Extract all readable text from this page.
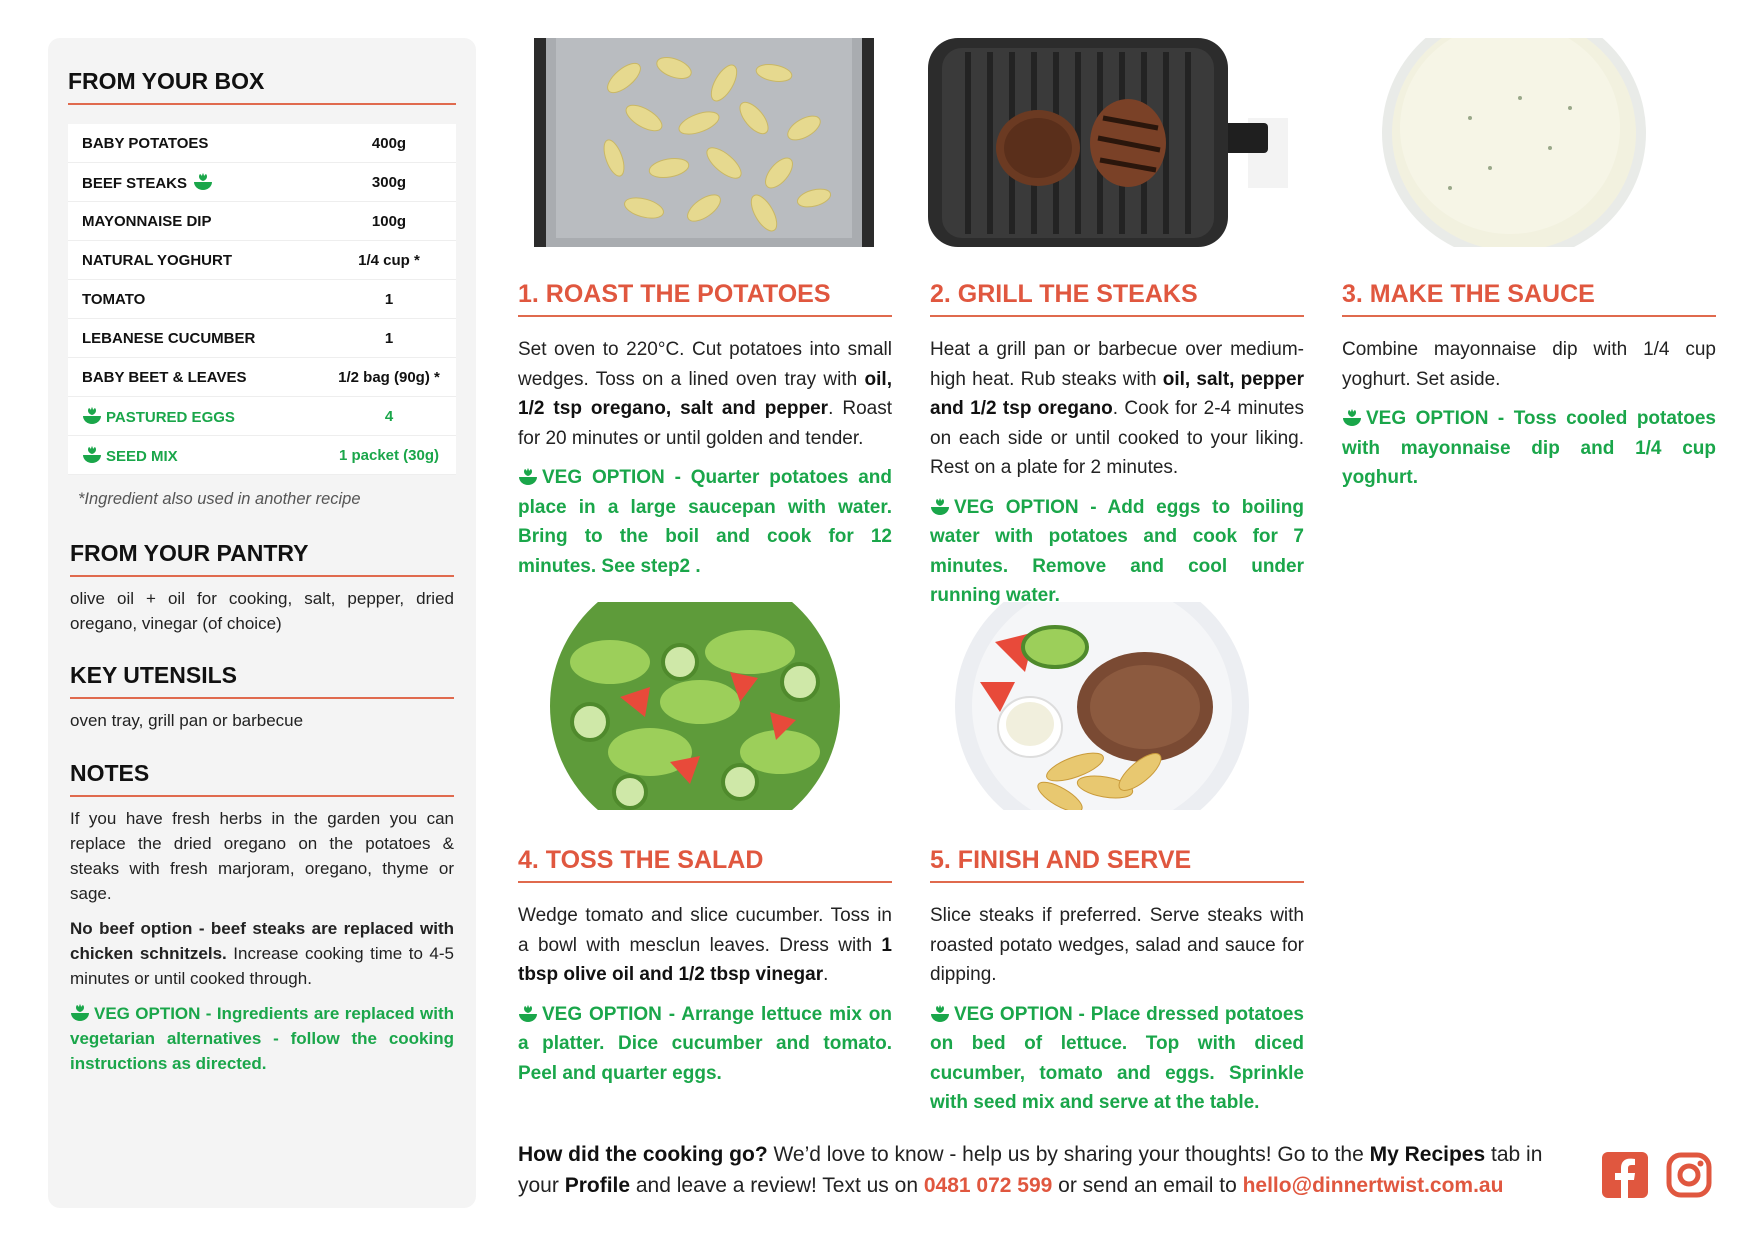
FROM YOUR BOX
BABY POTATOES	400g
BEEF STEAKS	300g
MAYONNAISE DIP	100g
NATURAL YOGHURT	1/4 cup *
TOMATO	1
LEBANESE CUCUMBER	1
BABY BEET & LEAVES	1/2 bag (90g) *
PASTURED EGGS	4
SEED MIX	1 packet (30g)
*Ingredient also used in another recipe
FROM YOUR PANTRY

olive oil + oil for cooking, salt, pepper, dried oregano, vinegar (of choice)

KEY UTENSILS

oven tray, grill pan or barbecue

NOTES

If you have fresh herbs in the garden you can replace the dried oregano on the potatoes & steaks with fresh marjoram, oregano, thyme or sage.

No beef option - beef steaks are replaced with chicken schnitzels. Increase cooking time to 4-5 minutes or until cooked through.

VEG OPTION - Ingredients are replaced with vegetarian alternatives - follow the cooking instructions as directed.

1. ROAST THE POTATOES

Set oven to 220°C. Cut potatoes into small wedges. Toss on a lined oven tray with oil, 1/2 tsp oregano, salt and pepper. Roast for 20 minutes or until golden and tender.

VEG OPTION - Quarter potatoes and place in a large saucepan with water. Bring to the boil and cook for 12 minutes. See step2 .

2. GRILL THE STEAKS

Heat a grill pan or barbecue over medium-high heat. Rub steaks with oil, salt, pepper and 1/2 tsp oregano. Cook for 2-4 minutes on each side or until cooked to your liking. Rest on a plate for 2 minutes.

VEG OPTION - Add eggs to boiling water with potatoes and cook for 7 minutes. Remove and cool under running water.

3. MAKE THE SAUCE

Combine mayonnaise dip with 1/4 cup yoghurt. Set aside.

VEG OPTION - Toss cooled potatoes with mayonnaise dip and 1/4 cup yoghurt.

4. TOSS THE SALAD

Wedge tomato and slice cucumber. Toss in a bowl with mesclun leaves. Dress with 1 tbsp olive oil and 1/2 tbsp vinegar.

VEG OPTION - Arrange lettuce mix on a platter. Dice cucumber and tomato. Peel and quarter eggs.

5. FINISH AND SERVE

Slice steaks if preferred. Serve steaks with roasted potato wedges, salad and sauce for dipping.

VEG OPTION - Place dressed potatoes on bed of lettuce. Top with diced cucumber, tomato and eggs. Sprinkle with seed mix and serve at the table.

How did the cooking go? We’d love to know - help us by sharing your thoughts! Go to the My Recipes tab in your Profile and leave a review! Text us on 0481 072 599 or send an email to hello@dinnertwist.com.au
